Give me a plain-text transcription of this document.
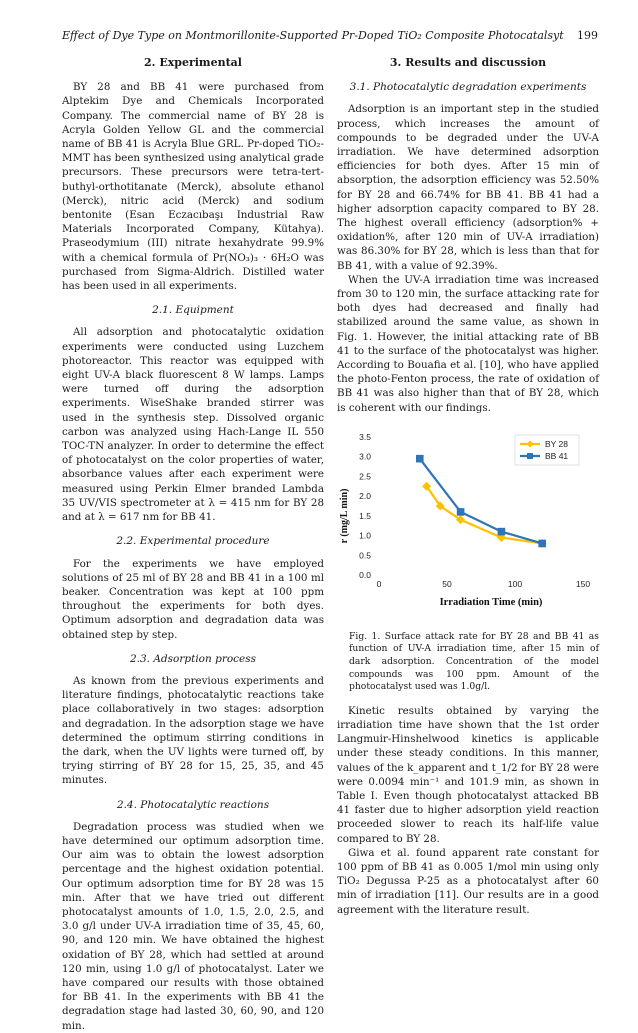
Effect of Dye Type on Montmorillonite-Supported Pr-Doped TiO₂ Composite Photocatalsyt 199
2. Experimental

BY 28 and BB 41 were purchased from Alptekim Dye and Chemicals Incorporated Company. The commercial name of BY 28 is Acryla Golden Yellow GL and the commercial name of BB 41 is Acryla Blue GRL. Pr-doped TiO₂-MMT has been synthesized using analytical grade precursors. These precursors were tetra-tert-buthyl-orthotitanate (Merck), absolute ethanol (Merck), nitric acid (Merck) and sodium bentonite (Esan Eczacıbaşı Industrial Raw Materials Incorporated Company, Kütahya). Praseodymium (III) nitrate hexahydrate 99.9% with a chemical formula of Pr(NO₃)₃ · 6H₂O was purchased from Sigma-Aldrich. Distilled water has been used in all experiments.

2.1. Equipment

All adsorption and photocatalytic oxidation experiments were conducted using Luzchem photoreactor. This reactor was equipped with eight UV-A black fluorescent 8 W lamps. Lamps were turned off during the adsorption experiments. WiseShake branded stirrer was used in the synthesis step. Dissolved organic carbon was analyzed using Hach-Lange IL 550 TOC-TN analyzer. In order to determine the effect of photocatalyst on the color properties of water, absorbance values after each experiment were measured using Perkin Elmer branded Lambda 35 UV/VIS spectrometer at λ = 415 nm for BY 28 and at λ = 617 nm for BB 41.

2.2. Experimental procedure

For the experiments we have employed solutions of 25 ml of BY 28 and BB 41 in a 100 ml beaker. Concentration was kept at 100 ppm throughout the experiments for both dyes. Optimum adsorption and degradation data was obtained step by step.

2.3. Adsorption process

As known from the previous experiments and literature findings, photocatalytic reactions take place collaboratively in two stages: adsorption and degradation. In the adsorption stage we have determined the optimum stirring conditions in the dark, when the UV lights were turned off, by trying stirring of BY 28 for 15, 25, 35, and 45 minutes.

2.4. Photocatalytic reactions

Degradation process was studied when we have determined our optimum adsorption time. Our aim was to obtain the lowest adsorption percentage and the highest oxidation potential. Our optimum adsorption time for BY 28 was 15 min. After that we have tried out different photocatalyst amounts of 1.0, 1.5, 2.0, 2.5, and 3.0 g/l under UV-A irradiation time of 35, 45, 60, 90, and 120 min. We have obtained the highest oxidation of BY 28, which had settled at around 120 min, using 1.0 g/l of photocatalyst. Later we have compared our results with those obtained for BB 41. In the experiments with BB 41 the degradation stage had lasted 30, 60, 90, and 120 min.

3. Results and discussion
3.1. Photocatalytic degradation experiments

Adsorption is an important step in the studied process, which increases the amount of compounds to be degraded under the UV-A irradiation. We have determined adsorption efficiencies for both dyes. After 15 min of absorption, the adsorption efficiency was 52.50% for BY 28 and 66.74% for BB 41. BB 41 had a higher adsorption capacity compared to BY 28. The highest overall efficiency (adsorption% + oxidation%, after 120 min of UV-A irradiation) was 86.30% for BY 28, which is less than that for BB 41, with a value of 92.39%.

When the UV-A irradiation time was increased from 30 to 120 min, the surface attacking rate for both dyes had decreased and finally had stabilized around the same value, as shown in Fig. 1. However, the initial attacking rate of BB 41 to the surface of the photocatalyst was higher. According to Bouafia et al. [10], who have applied the photo-Fenton process, the rate of oxidation of BB 41 was also higher than that of BY 28, which is coherent with our findings.

0.0
0.5
1.0
1.5
2.0
2.5
3.0
3.5
0	50	100	150
Irradiation Time (min)
r (mg/L min)
BY 28
BB 41

Fig. 1. Surface attack rate for BY 28 and BB 41 as function of UV-A irradiation time, after 15 min of dark adsorption. Concentration of the model compounds was 100 ppm. Amount of the photocatalyst used was 1.0g/l.

Kinetic results obtained by varying the irradiation time have shown that the 1st order Langmuir-Hinshelwood kinetics is applicable under these steady conditions. In this manner, values of the k_apparent and t_1/2 for BY 28 were were 0.0094 min⁻¹ and 101.9 min, as shown in Table I. Even though photocatalyst attacked BB 41 faster due to higher adsorption yield reaction proceeded slower to reach its half-life value compared to BY 28.

Giwa et al. found apparent rate constant for 100 ppm of BB 41 as 0.005 1/mol min using only TiO₂ Degussa P-25 as a photocatalyst after 60 min of irradiation [11]. Our results are in a good agreement with the literature result.
